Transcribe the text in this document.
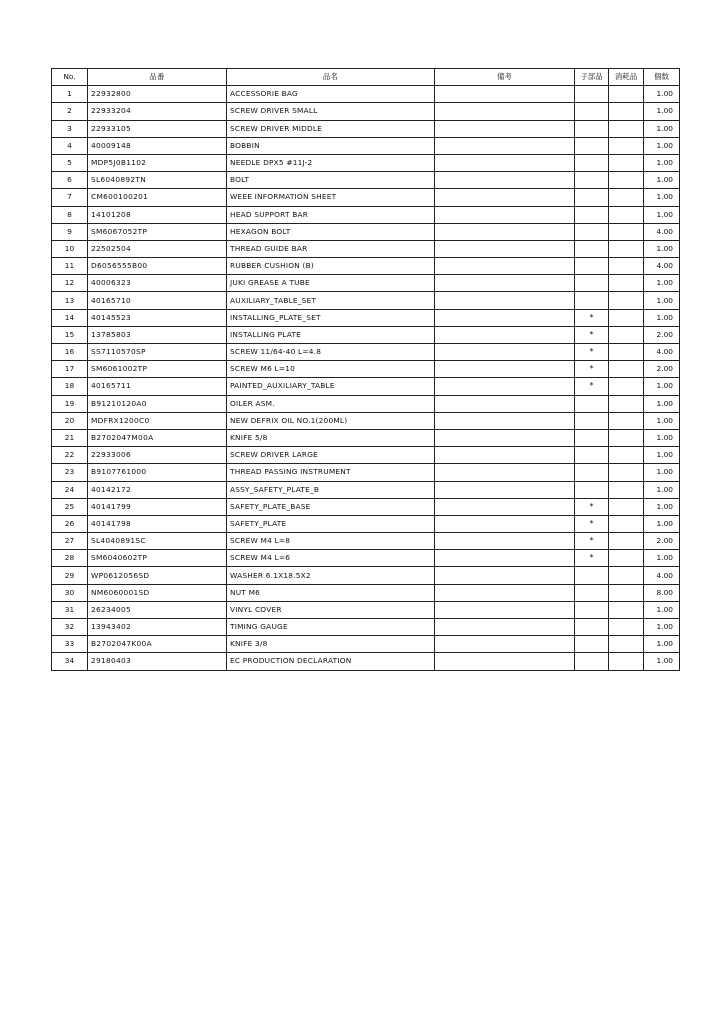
No.	品番	品名	備考	子部品	消耗品	個数
1	22932800	ACCESSORIE BAG				1.00
2	22933204	SCREW DRIVER SMALL				1.00
3	22933105	SCREW DRIVER MIDDLE				1.00
4	40009148	BOBBIN				1.00
5	MDP5J0B1102	NEEDLE DPX5 #11J-2				1.00
6	SL6040892TN	BOLT				1.00
7	CM600100201	WEEE INFORMATION SHEET				1.00
8	14101208	HEAD SUPPORT BAR				1.00
9	SM6067052TP	HEXAGON BOLT				4.00
10	22502504	THREAD GUIDE BAR				1.00
11	D6056555B00	RUBBER CUSHION (B)				4.00
12	40006323	JUKI GREASE A TUBE				1.00
13	40165710	AUXILIARY_TABLE_SET				1.00
14	40145523	INSTALLING_PLATE_SET		*		1.00
15	13785803	INSTALLING PLATE		*		2.00
16	SS7110570SP	SCREW 11/64-40 L=4.8		*		4.00
17	SM6061002TP	SCREW M6 L=10		*		2.00
18	40165711	PAINTED_AUXILIARY_TABLE		*		1.00
19	B91210120A0	OILER ASM.				1.00
20	MDFRX1200C0	NEW DEFRIX OIL NO.1(200ML)				1.00
21	B2702047M00A	KNIFE 5/8				1.00
22	22933006	SCREW DRIVER LARGE				1.00
23	B9107761000	THREAD PASSING INSTRUMENT				1.00
24	40142172	ASSY_SAFETY_PLATE_B				1.00
25	40141799	SAFETY_PLATE_BASE		*		1.00
26	40141798	SAFETY_PLATE		*		1.00
27	SL4040891SC	SCREW M4 L=8		*		2.00
28	SM6040602TP	SCREW M4 L=6		*		1.00
29	WP0612056SD	WASHER 6.1X18.5X2				4.00
30	NM6060001SD	NUT M6				8.00
31	26234005	VINYL COVER				1.00
32	13943402	TIMING GAUGE				1.00
33	B2702047K00A	KNIFE 3/8				1.00
34	29180403	EC PRODUCTION DECLARATION				1.00
